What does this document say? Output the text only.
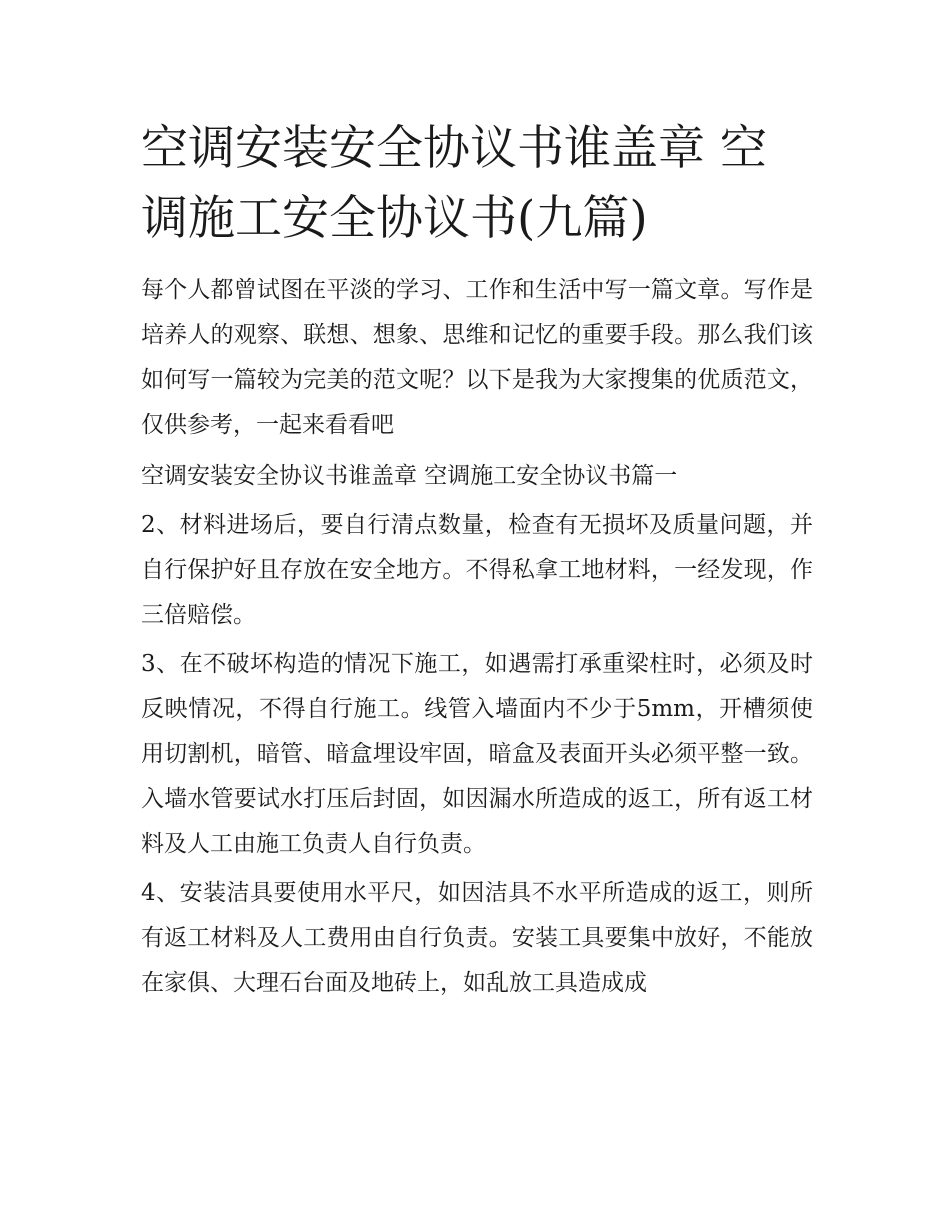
空调安装安全协议书谁盖章 空调施工安全协议书(九篇)

每个人都曾试图在平淡的学习、工作和生活中写一篇文章。写作是培养人的观察、联想、想象、思维和记忆的重要手段。那么我们该如何写一篇较为完美的范文呢？以下是我为大家搜集的优质范文，仅供参考，一起来看看吧

空调安装安全协议书谁盖章 空调施工安全协议书篇一

2、材料进场后，要自行清点数量，检查有无损坏及质量问题，并自行保护好且存放在安全地方。不得私拿工地材料，一经发现，作三倍赔偿。

3、在不破坏构造的情况下施工，如遇需打承重梁柱时，必须及时反映情况，不得自行施工。线管入墙面内不少于5mm，开槽须使用切割机，暗管、暗盒埋设牢固，暗盒及表面开头必须平整一致。入墙水管要试水打压后封固，如因漏水所造成的返工，所有返工材料及人工由施工负责人自行负责。

4、安装洁具要使用水平尺，如因洁具不水平所造成的返工，则所有返工材料及人工费用由自行负责。安装工具要集中放好，不能放在家俱、大理石台面及地砖上，如乱放工具造成成
